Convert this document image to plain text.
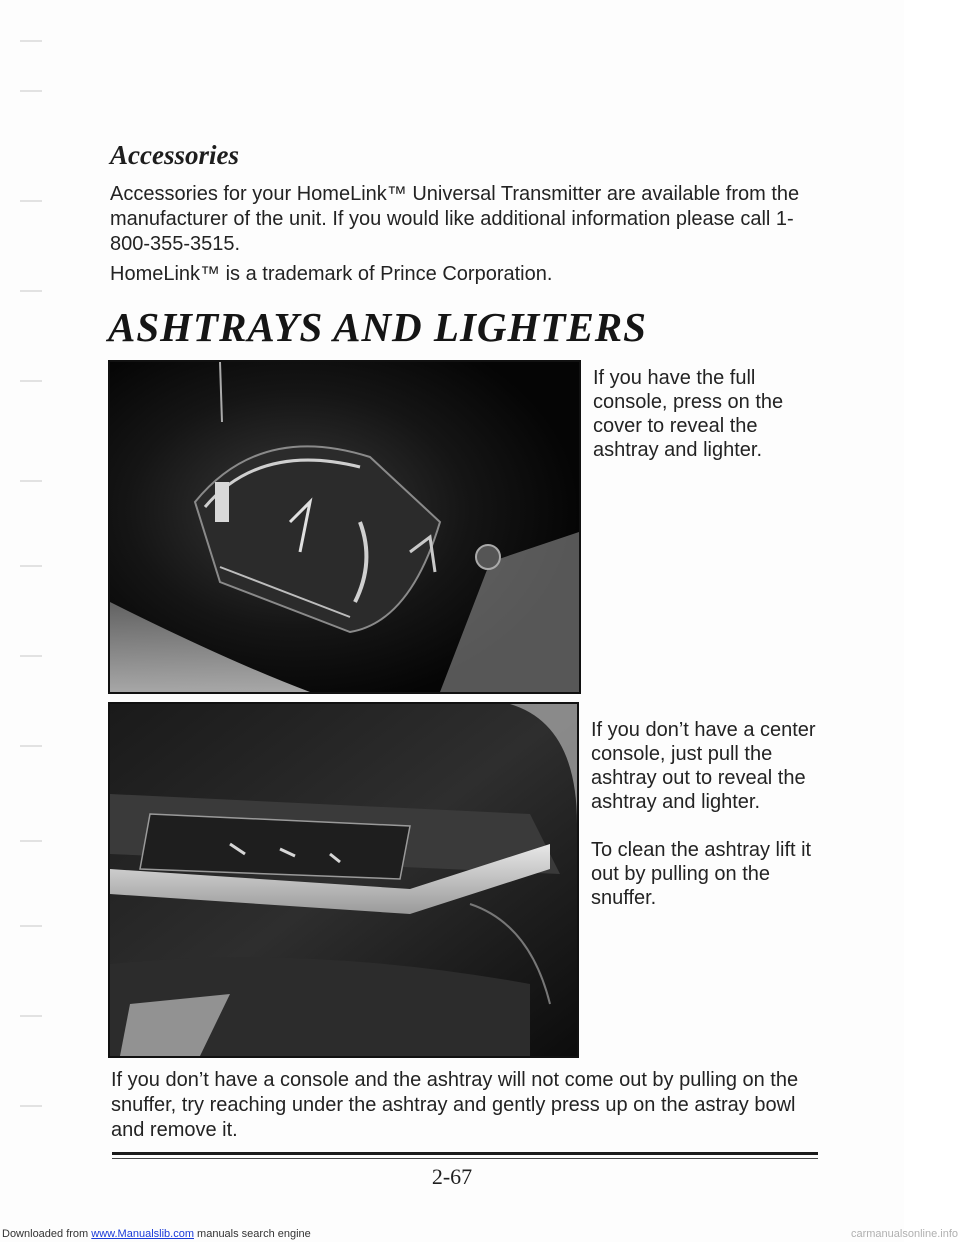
Accessories

Accessories for your HomeLink™ Universal Transmitter are available from the manufacturer of the unit. If you would like additional information please call 1-800-355-3515.

HomeLink™ is a trademark of Prince Corporation.

ASHTRAYS AND LIGHTERS

If you have the full console, press on the cover to reveal the ashtray and lighter.

If you don’t have a center console, just pull the ashtray out to reveal the ashtray and lighter.

To clean the ashtray lift it out by pulling on the snuffer.

If you don’t have a console and the ashtray will not come out by pulling on the snuffer, try reaching under the ashtray and gently press up on the astray bowl and remove it.

2-67
Downloaded from www.Manualslib.com manuals search engine	carmanualsonline.info
